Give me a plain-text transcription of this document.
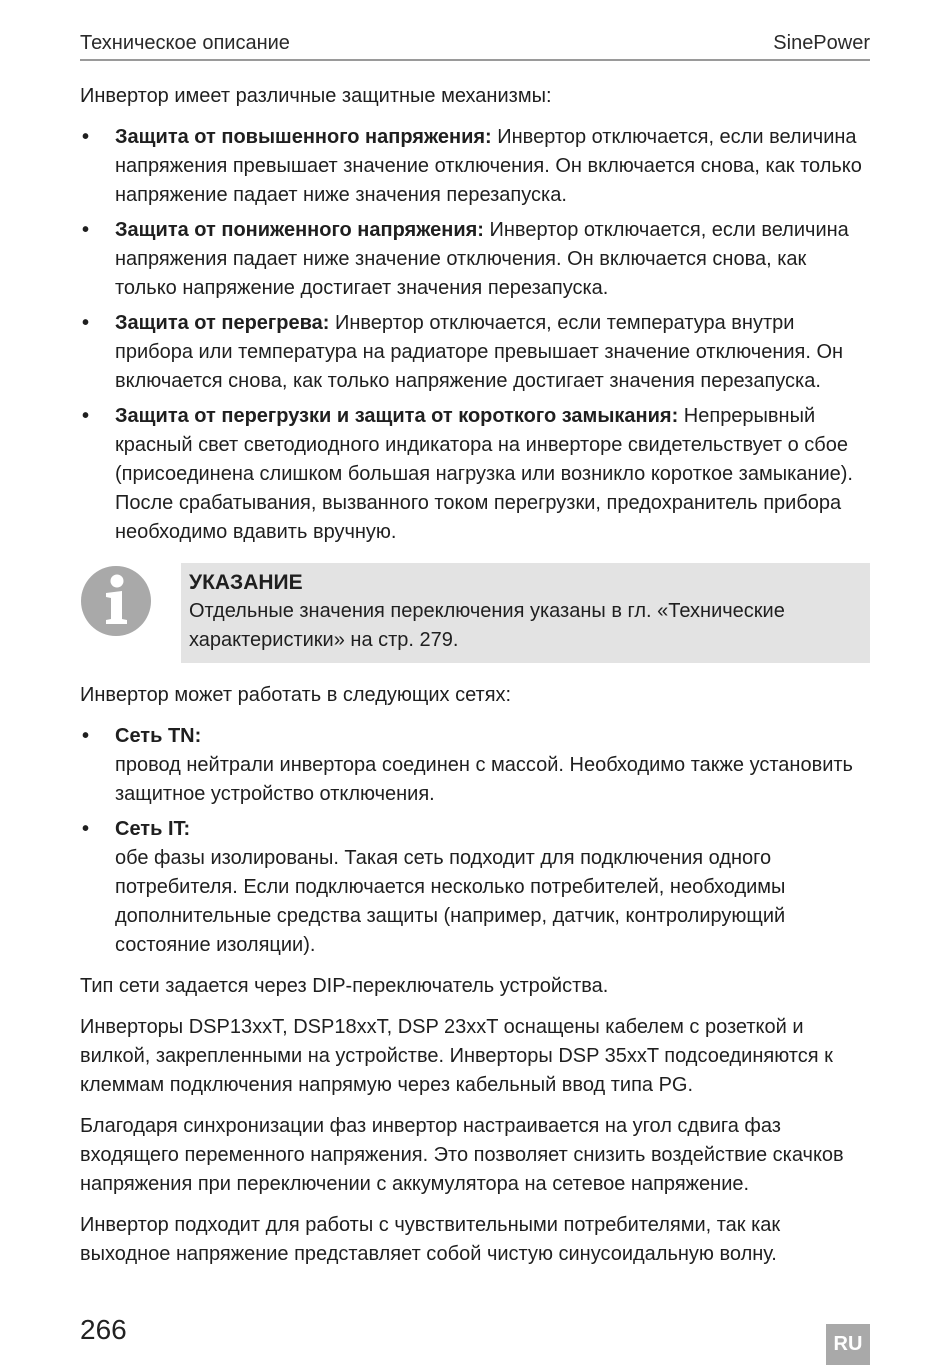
Техническое описание	SinePower

Инвертор имеет различные защитные механизмы:

• Защита от повышенного напряжения: Инвертор отключается, если величина напряжения превышает значение отключения. Он включается снова, как только напряжение падает ниже значения перезапуска.
• Защита от пониженного напряжения: Инвертор отключается, если величина напряжения падает ниже значение отключения. Он включается снова, как только напряжение достигает значения перезапуска.
• Защита от перегрева: Инвертор отключается, если температура внутри прибора или температура на радиаторе превышает значение отключения. Он включается снова, как только напряжение достигает значения перезапуска.
• Защита от перегрузки и защита от короткого замыкания: Непрерывный красный свет светодиодного индикатора на инверторе свидетельствует о сбое (присоединена слишком большая нагрузка или возникло короткое замыкание). После срабатывания, вызванного током перегрузки, предохранитель прибора необходимо вдавить вручную.
УКАЗАНИЕ
Отдельные значения переключения указаны в гл. «Технические характеристики» на стр. 279.

Инвертор может работать в следующих сетях:

• Сеть TN:
провод нейтрали инвертора соединен с массой. Необходимо также установить защитное устройство отключения.
• Сеть IT:
обе фазы изолированы. Такая сеть подходит для подключения одного потребителя. Если подключается несколько потребителей, необходимы дополнительные средства защиты (например, датчик, контролирующий состояние изоляции).

Тип сети задается через DIP-переключатель устройства.

Инверторы DSP13xxT, DSP18xxT, DSP 23xxT оснащены кабелем с розеткой и вилкой, закрепленными на устройстве. Инверторы DSP 35xxT подсоединяются к клеммам подключения напрямую через кабельный ввод типа PG.

Благодаря синхронизации фаз инвертор настраивается на угол сдвига фаз входящего переменного напряжения. Это позволяет снизить воздействие скачков напряжения при переключении с аккумулятора на сетевое напряжение.

Инвертор подходит для работы с чувствительными потребителями, так как выходное напряжение представляет собой чистую синусоидальную волну.

266	RU
